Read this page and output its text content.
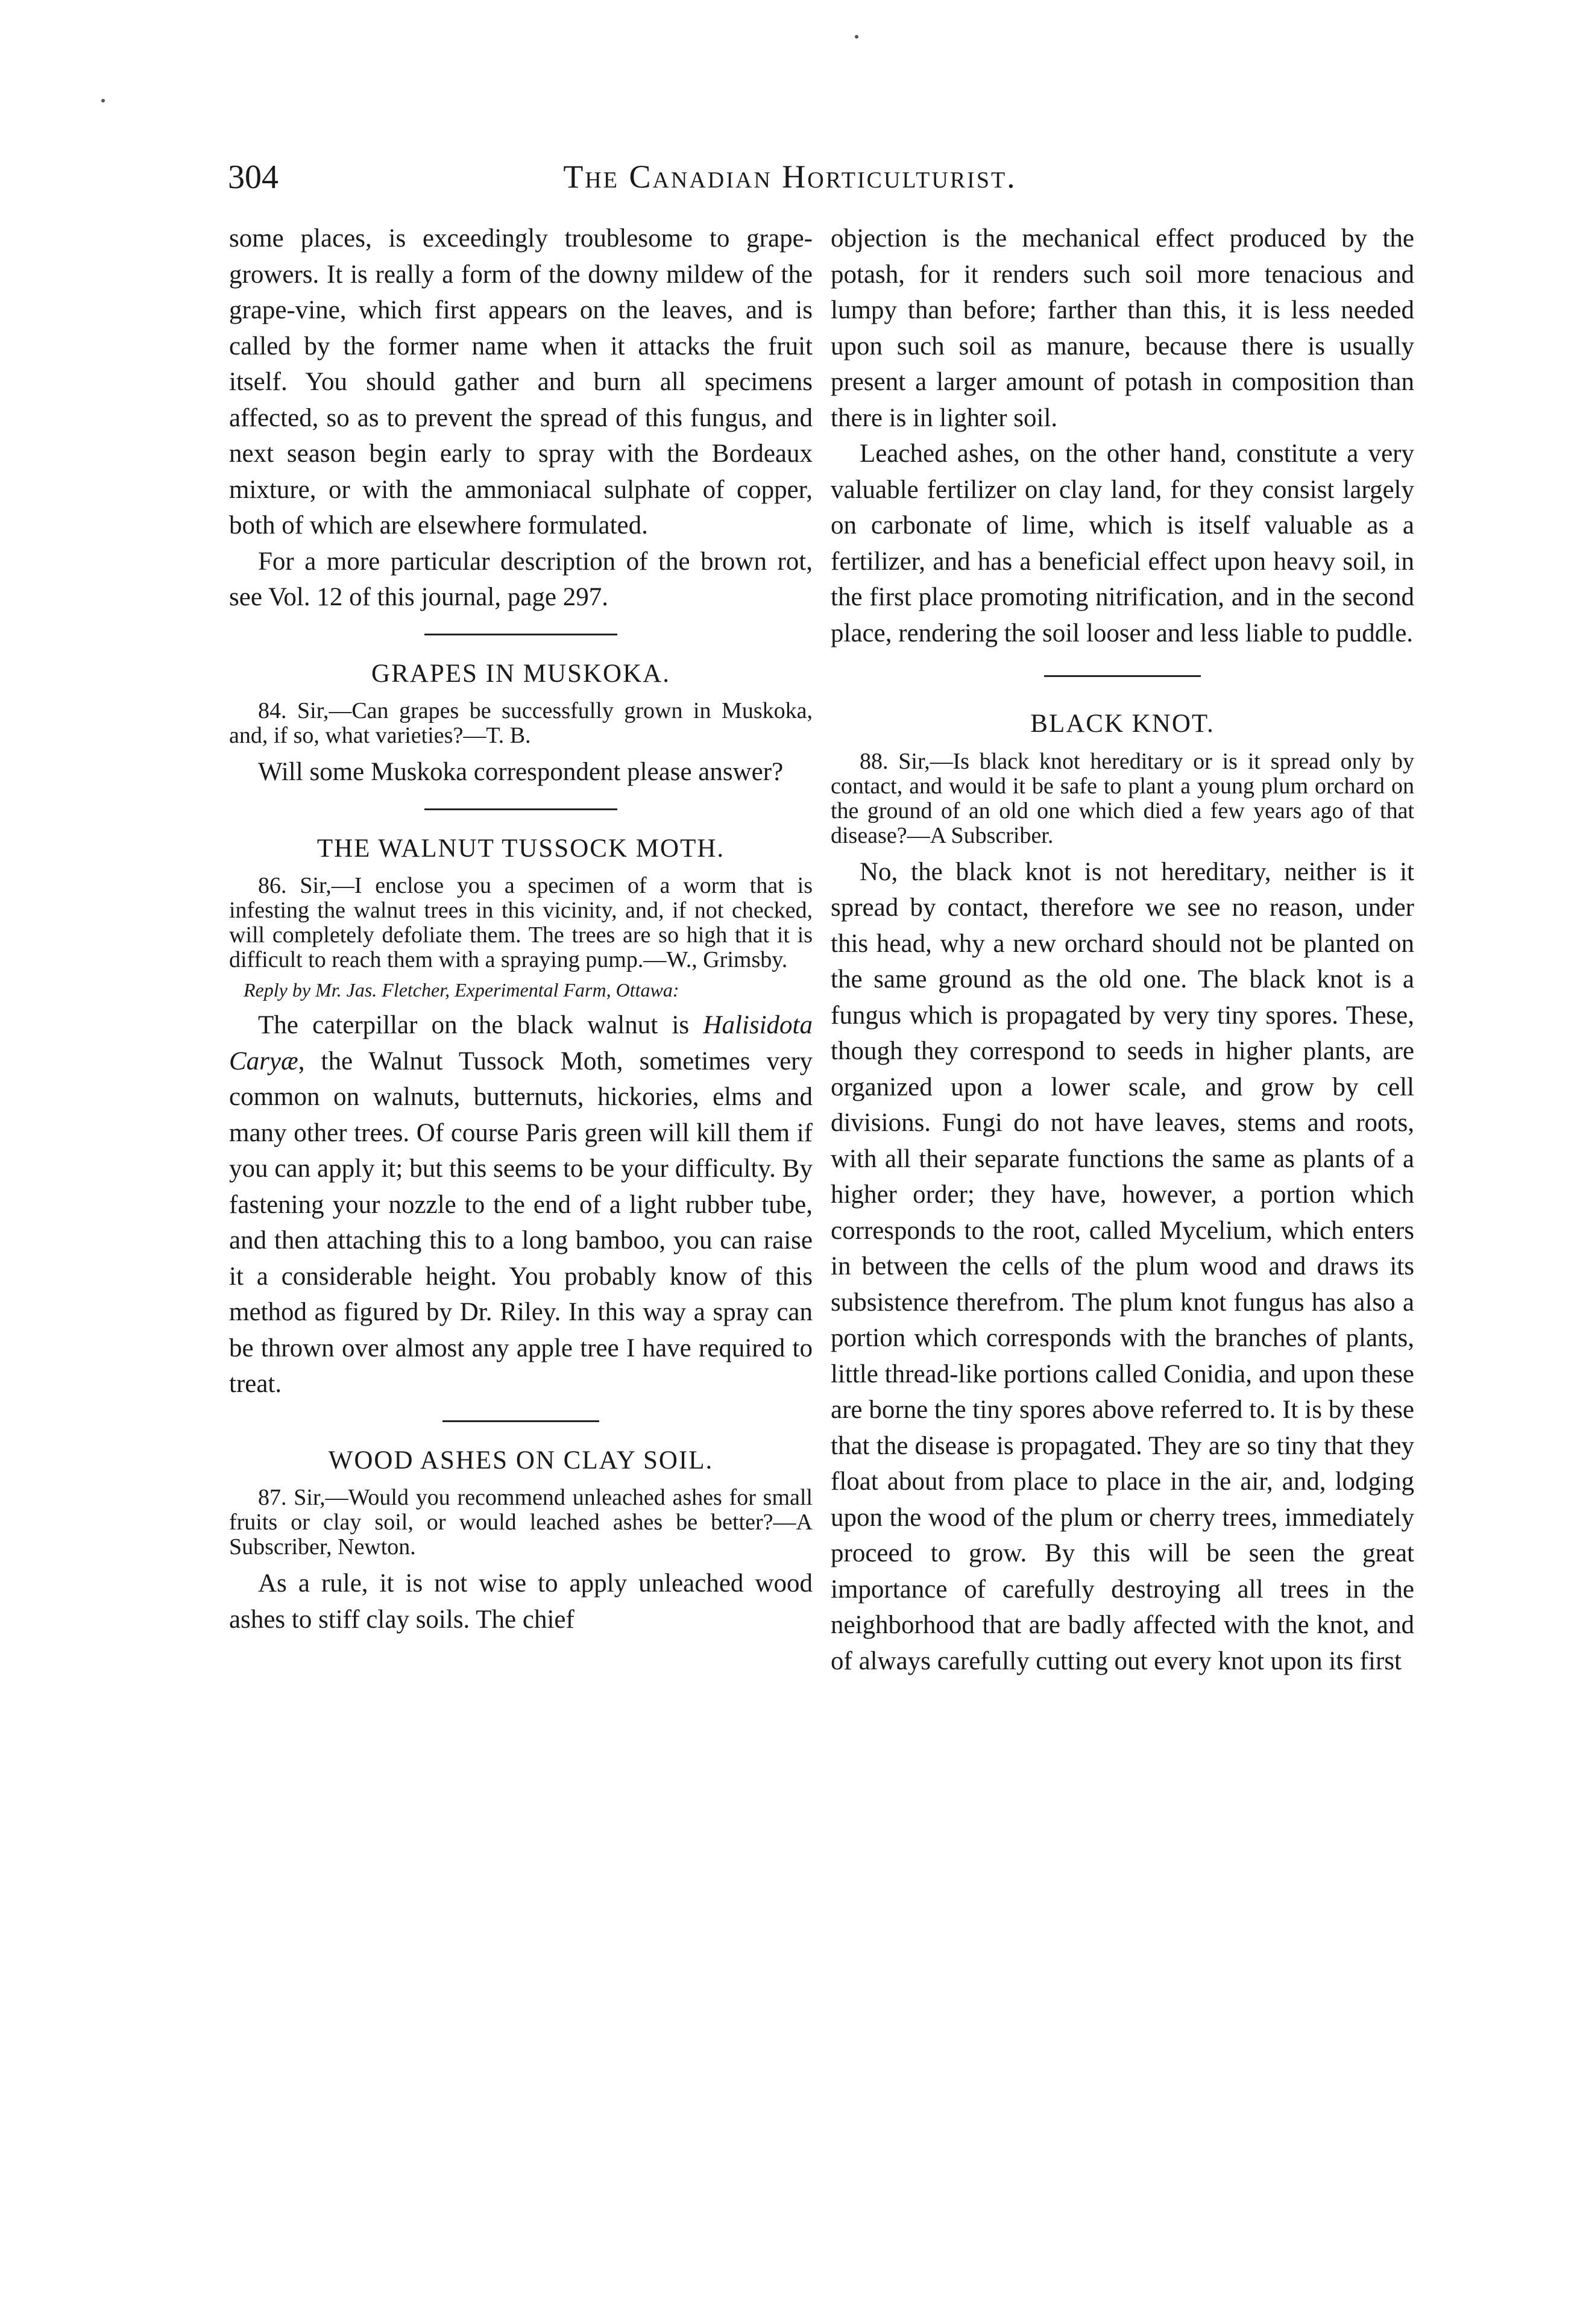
304	The Canadian Horticulturist.

some places, is exceedingly troublesome to grape-growers. It is really a form of the downy mildew of the grape-vine, which first appears on the leaves, and is called by the former name when it attacks the fruit itself. You should gather and burn all specimens affected, so as to prevent the spread of this fungus, and next season begin early to spray with the Bordeaux mixture, or with the ammoniacal sulphate of copper, both of which are elsewhere formulated.

For a more particular description of the brown rot, see Vol. 12 of this journal, page 297.

GRAPES IN MUSKOKA.

84. Sir,—Can grapes be successfully grown in Muskoka, and, if so, what varieties?—T. B.

Will some Muskoka correspondent please answer?

THE WALNUT TUSSOCK MOTH.

86. Sir,—I enclose you a specimen of a worm that is infesting the walnut trees in this vicinity, and, if not checked, will completely defoliate them. The trees are so high that it is difficult to reach them with a spraying pump.—W., Grimsby.

Reply by Mr. Jas. Fletcher, Experimental Farm, Ottawa:

The caterpillar on the black walnut is Halisidota Caryæ, the Walnut Tussock Moth, sometimes very common on walnuts, butternuts, hickories, elms and many other trees. Of course Paris green will kill them if you can apply it; but this seems to be your difficulty. By fastening your nozzle to the end of a light rubber tube, and then attaching this to a long bamboo, you can raise it a considerable height. You probably know of this method as figured by Dr. Riley. In this way a spray can be thrown over almost any apple tree I have required to treat.

WOOD ASHES ON CLAY SOIL.

87. Sir,—Would you recommend unleached ashes for small fruits or clay soil, or would leached ashes be better?—A Subscriber, Newton.

As a rule, it is not wise to apply unleached wood ashes to stiff clay soils. The chief

objection is the mechanical effect produced by the potash, for it renders such soil more tenacious and lumpy than before; farther than this, it is less needed upon such soil as manure, because there is usually present a larger amount of potash in composition than there is in lighter soil.

Leached ashes, on the other hand, constitute a very valuable fertilizer on clay land, for they consist largely on carbonate of lime, which is itself valuable as a fertilizer, and has a beneficial effect upon heavy soil, in the first place promoting nitrification, and in the second place, rendering the soil looser and less liable to puddle.

BLACK KNOT.

88. Sir,—Is black knot hereditary or is it spread only by contact, and would it be safe to plant a young plum orchard on the ground of an old one which died a few years ago of that disease?—A Subscriber.

No, the black knot is not hereditary, neither is it spread by contact, therefore we see no reason, under this head, why a new orchard should not be planted on the same ground as the old one. The black knot is a fungus which is propagated by very tiny spores. These, though they correspond to seeds in higher plants, are organized upon a lower scale, and grow by cell divisions. Fungi do not have leaves, stems and roots, with all their separate functions the same as plants of a higher order; they have, however, a portion which corresponds to the root, called Mycelium, which enters in between the cells of the plum wood and draws its subsistence therefrom. The plum knot fungus has also a portion which corresponds with the branches of plants, little thread-like portions called Conidia, and upon these are borne the tiny spores above referred to. It is by these that the disease is propagated. They are so tiny that they float about from place to place in the air, and, lodging upon the wood of the plum or cherry trees, immediately proceed to grow. By this will be seen the great importance of carefully destroying all trees in the neighborhood that are badly affected with the knot, and of always carefully cutting out every knot upon its first
